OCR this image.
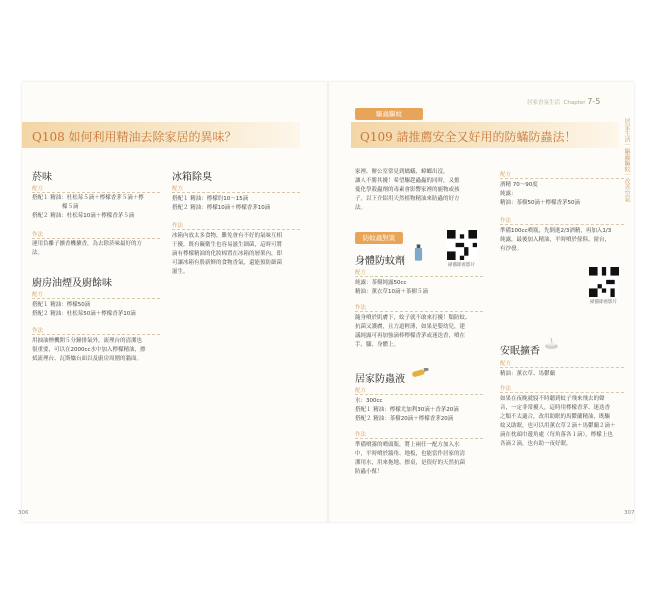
Q108 如何利用精油去除家居的異味？
菸味
配方
搭配１ 精油：杜松莓５滴＋檸檬香茅５滴＋檸
檬５滴
搭配２ 精油：杜松莓10滴＋檸檬香茅５滴
作法
運用負離子擴香機擴香，為去除菸味最好的方
法。
廚房油煙及廚餘味
配方
搭配１ 精油：檸檬50滴
搭配２ 精油：杜松莓50滴＋檸檬香茅10滴
作法
用抽油煙機開５分鐘排氣外，流理台的清潔也
很重要，可以在2000cc水中加入檸檬精油，擦
拭流理台、瓦斯爐台面以及廚房周圍的牆面。
冰箱除臭
配方
搭配１ 精油：檸檬約10～15滴
搭配２ 精油：檸檬10滴＋檸檬香茅10滴
作法
冰箱內放太多食物，難免會有不好的氣味互相
干擾，既有礙衛生也容易滋生細菌，這時可將
滴有檸檬精油的化妝棉置在冰箱的層架內，即
可讓冰箱有股新鮮的食物香氣，還能預防細菌
滋生。
306
居家香氛生活 Chapter 7-5
驅蟲驅蚊
Q109 請推薦安全又好用的防蟎防蟲法！	居家生活｜驅蟲驅蚊｜改善空氣
家裡、辦公室常見到螞蟻、蟑螂出沒，
讓人不勝其擾！希望驅趕蟲蟲的同時，又擔
憂化學殺蟲劑的毒素會影響家裡的寵物或孩
子，以下介紹用天然植物精油來防蟲的好方
法。
防蚊蟲對策
掃描即看影片
身體防蚊劑
配方
純露：茶樹純露50cc
精油：薰衣草10滴＋茶樹５滴
作法
隨身噴於肌膚下，蚊子就不敢來打擾！類防蚊、
抗菌又護膚，且力道輕薄，如果是嬰幼兒，建
議純露可再加強滴棒檸檬香茅或迷迭香，噴在
手、腳、身體上。
居家防蟲液
配方
水：300cc
搭配１ 精油：檸檬尤加利30滴＋香茅20滴
搭配２ 精油：茶樹20滴＋檸檬香茅20滴
作法
準備噴霧的噴頭瓶，將上兩任一配方加入水
中，平時噴於牆角、地板，也能當作居家的清
潔用水，用來拖地、擦桌，是很好的天然抗菌
防蟲小幫！
配方
酒精 70～90度
純露：
精油：茶樹50滴＋檸檬香茅50滴
作法
準備100cc噴瓶，先倒進2/3酒精，再加入1/3
純露，最後加入精油，平時噴於傢俱、窗台，
有沙發。
掃描即看影片
安眠擴香
配方
精油：薰衣草、馬鬱蘭
作法
如果在夜晚就寢不時聽到蚊子飛來飛去的聲
音，一定非常擾人，這時用檸檬香茅、迷迭香
之類不太適合，改用助眠的馬鬱蘭精油，既驅
蚊又助眠，也可以用薰衣草２滴＋馬鬱蘭２滴＋
滴在枕頭巾邊角處（每角落各１滴），檸檬上也
各滴２滴，也有助一夜好眠。
307
